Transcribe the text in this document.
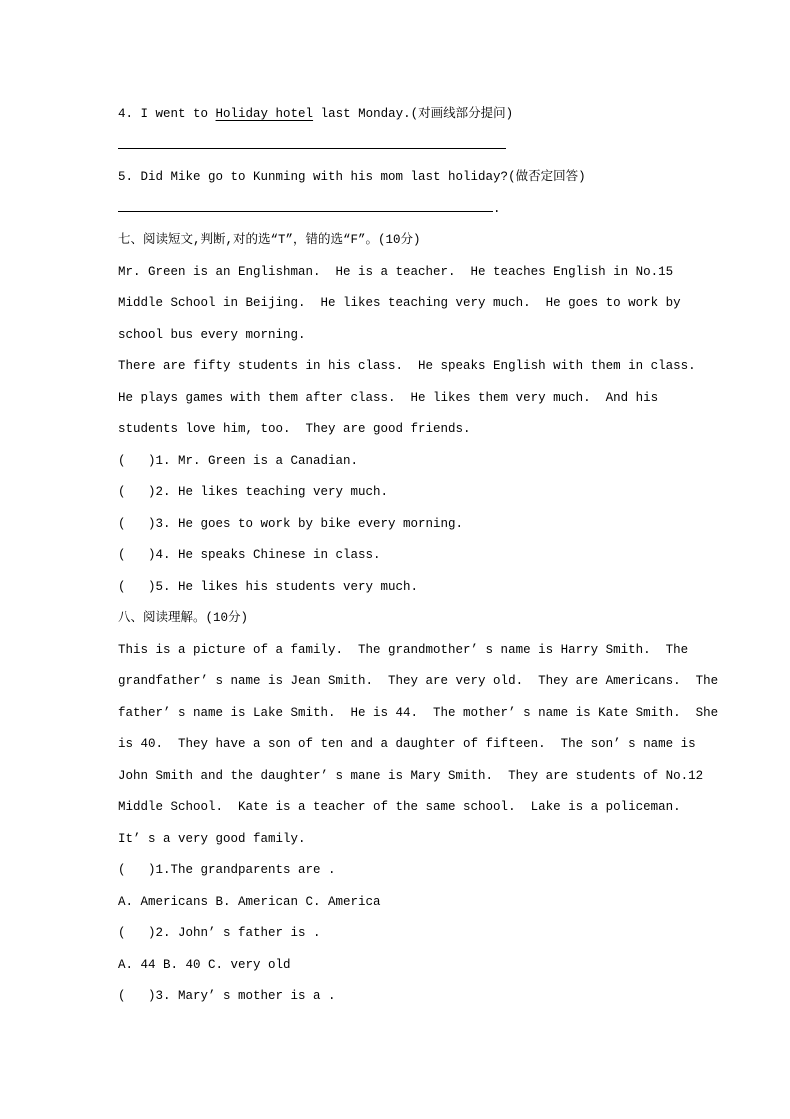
4. I went to Holiday hotel last Monday.(对画线部分提问)
5. Did Mike go to Kunming with his mom last holiday?(做否定回答)
.
七、阅读短文,判断,对的选“T”，错的选“F”。(10分)
Mr. Green is an Englishman.  He is a teacher.  He teaches English in No.15
Middle School in Beijing.  He likes teaching very much.  He goes to work by
school bus every morning.
There are fifty students in his class.  He speaks English with them in class.
He plays games with them after class.  He likes them very much.  And his
students love him, too.  They are good friends.
(   )1. Mr. Green is a Canadian.
(   )2. He likes teaching very much.
(   )3. He goes to work by bike every morning.
(   )4. He speaks Chinese in class.
(   )5. He likes his students very much.
八、阅读理解。(10分)
This is a picture of a family.  The grandmother’ s name is Harry Smith.  The
grandfather’ s name is Jean Smith.  They are very old.  They are Americans.  The
father’ s name is Lake Smith.  He is 44.  The mother’ s name is Kate Smith.  She
is 40.  They have a son of ten and a daughter of fifteen.  The son’ s name is
John Smith and the daughter’ s mane is Mary Smith.  They are students of No.12
Middle School.  Kate is a teacher of the same school.  Lake is a policeman.
It’ s a very good family.
(   )1.The grandparents are .
A. Americans B. American C. America
(   )2. John’ s father is .
A. 44 B. 40 C. very old
(   )3. Mary’ s mother is a .
